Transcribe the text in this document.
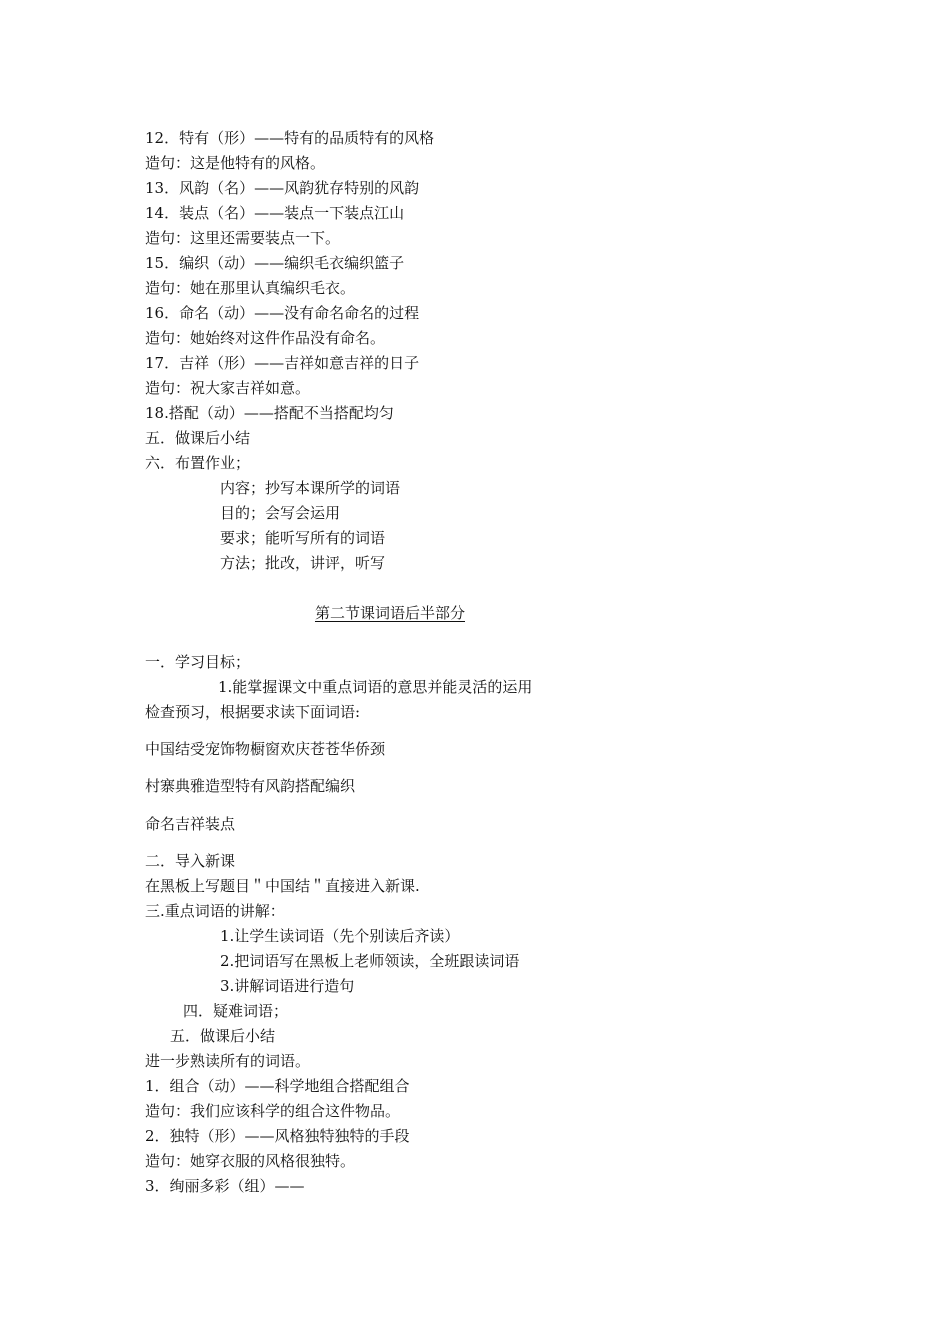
12．特有（形）——特有的品质特有的风格
造句：这是他特有的风格。
13．风韵（名）——风韵犹存特别的风韵
14．装点（名）——装点一下装点江山
造句：这里还需要装点一下。
15．编织（动）——编织毛衣编织篮子
造句：她在那里认真编织毛衣。
16．命名（动）——没有命名命名的过程
造句：她始终对这件作品没有命名。
17．吉祥（形）——吉祥如意吉祥的日子
造句：祝大家吉祥如意。
18.搭配（动）——搭配不当搭配均匀
五．做课后小结
六．布置作业；
内容；抄写本课所学的词语
目的；会写会运用
要求；能听写所有的词语
方法；批改，讲评，听写
第二节课词语后半部分
一．学习目标；
1.能掌握课文中重点词语的意思并能灵活的运用
检查预习，根据要求读下面词语:
中国结受宠饰物橱窗欢庆苍苍华侨颈
村寨典雅造型特有风韵搭配编织
命名吉祥装点
二．导入新课
在黑板上写题目＂中国结＂直接进入新课.
三.重点词语的讲解：
1.让学生读词语（先个别读后齐读）
2.把词语写在黑板上老师领读，全班跟读词语
3.讲解词语进行造句
四．疑难词语；
五．做课后小结
进一步熟读所有的词语。
1．组合（动）——科学地组合搭配组合
造句：我们应该科学的组合这件物品。
2．独特（形）——风格独特独特的手段
造句：她穿衣服的风格很独特。
3．绚丽多彩（组）——
